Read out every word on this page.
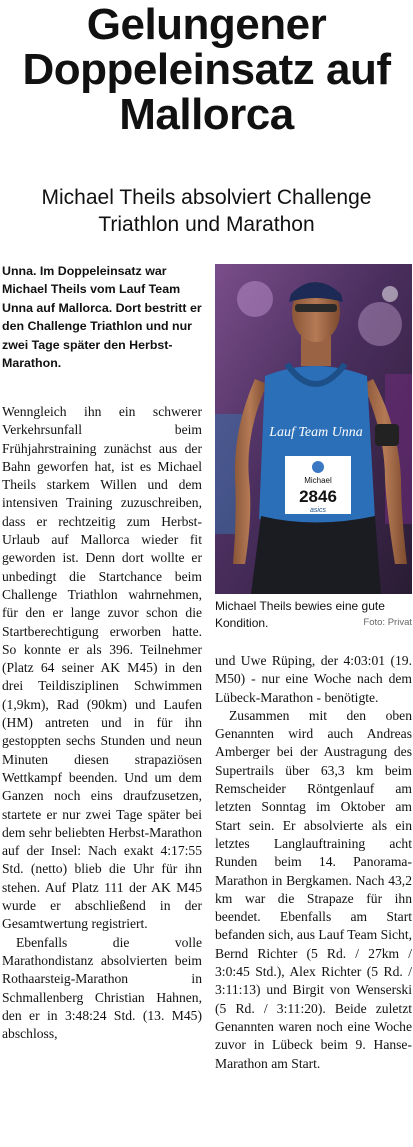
Gelungener Doppeleinsatz auf Mallorca

Michael Theils absolviert Challenge Triathlon und Marathon

Unna. Im Doppeleinsatz war Michael Theils vom Lauf Team Unna auf Mallorca. Dort bestritt er den Challenge Triathlon und nur zwei Tage später den Herbst-Marathon.

Wenngleich ihn ein schwerer Verkehrsunfall beim Frühjahrstraining zunächst aus der Bahn geworfen hat, ist es Michael Theils starkem Willen und dem intensiven Training zuzuschreiben, dass er rechtzeitig zum Herbst-Urlaub auf Mallorca wieder fit geworden ist. Denn dort wollte er unbedingt die Startchance beim Challenge Triathlon wahrnehmen, für den er lange zuvor schon die Startberechtigung erworben hatte. So konnte er als 396. Teilnehmer (Platz 64 seiner AK M45) in den drei Teildisziplinen Schwimmen (1,9km), Rad (90km) und Laufen (HM) antreten und in für ihn gestoppten sechs Stunden und neun Minuten diesen strapaziösen Wettkampf beenden. Und um dem Ganzen noch eins draufzusetzen, startete er nur zwei Tage später bei dem sehr beliebten Herbst-Marathon auf der Insel: Nach exakt 4:17:55 Std. (netto) blieb die Uhr für ihn stehen. Auf Platz 111 der AK M45 wurde er abschließend in der Gesamtwertung registriert.

Ebenfalls die volle Marathondistanz absolvierten beim Rothaarsteig-Marathon in Schmallenberg Christian Hahnen, den er in 3:48:24 Std. (13. M45) abschloss,

Lauf Team Unna
Michael
2846
asics
Michael Theils bewies eine gute Kondition.	Foto: Privat

und Uwe Rüping, der 4:03:01 (19. M50) - nur eine Woche nach dem Lübeck-Marathon - benötigte.

Zusammen mit den oben Genannten wird auch Andreas Amberger bei der Austragung des Supertrails über 63,3 km beim Remscheider Röntgenlauf am letzten Sonntag im Oktober am Start sein. Er absolvierte als ein letztes Langlauftraining acht Runden beim 14. Panorama-Marathon in Bergkamen. Nach 43,2 km war die Strapaze für ihn beendet. Ebenfalls am Start befanden sich, aus Lauf Team Sicht, Bernd Richter (5 Rd. / 27km / 3:0:45 Std.), Alex Richter (5 Rd. / 3:11:13) und Birgit von Wenserski (5 Rd. / 3:11:20). Beide zuletzt Genannten waren noch eine Woche zuvor in Lübeck beim 9. Hanse-Marathon am Start.
